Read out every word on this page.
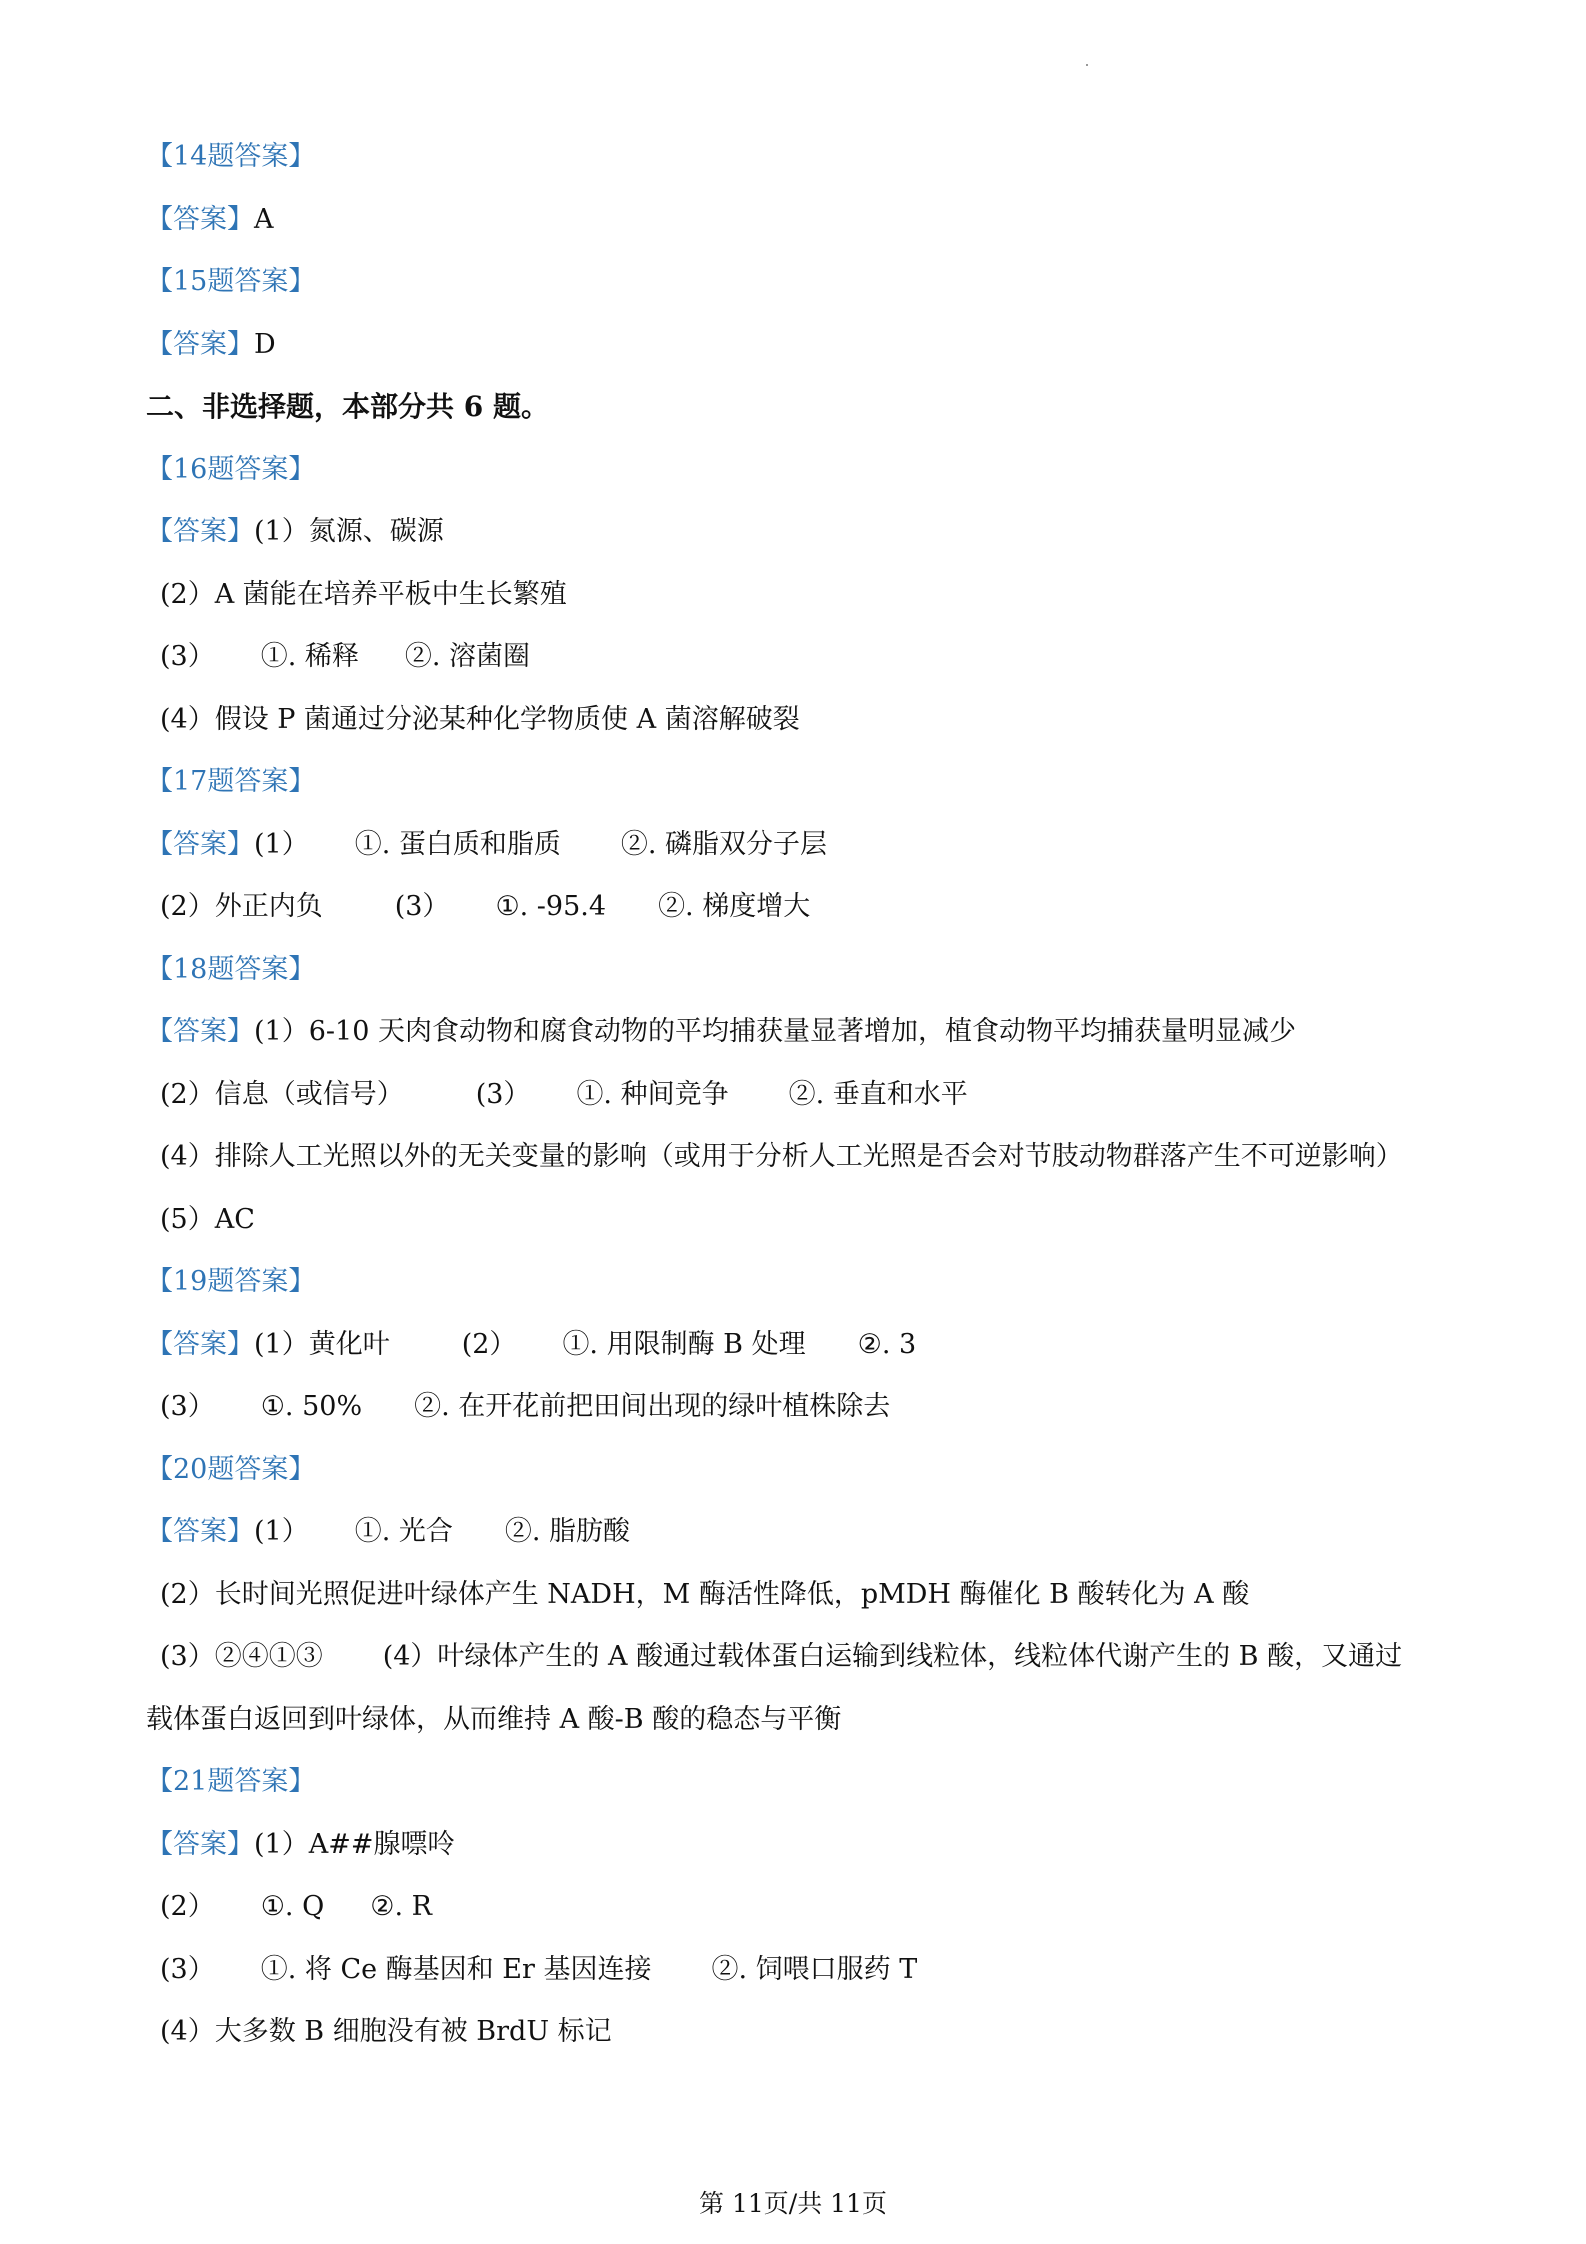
【14题答案】
【答案】A
【15题答案】
【答案】D
二、非选择题，本部分共 6 题。
【16题答案】
【答案】(1）氮源、碳源
(2）A 菌能在培养平板中生长繁殖
(3） ①. 稀释 ②. 溶菌圈
(4）假设 P 菌通过分泌某种化学物质使 A 菌溶解破裂
【17题答案】
【答案】(1） ①. 蛋白质和脂质 ②. 磷脂双分子层
(2）外正内负	(3） ①. -95.4 ②. 梯度增大
【18题答案】
【答案】(1）6-10 天肉食动物和腐食动物的平均捕获量显著增加，植食动物平均捕获量明显减少
(2）信息（或信号）	(3） ①. 种间竞争 ②. 垂直和水平
(4）排除人工光照以外的无关变量的影响（或用于分析人工光照是否会对节肢动物群落产生不可逆影响）
(5）AC
【19题答案】
【答案】(1）黄化叶	(2） ①. 用限制酶 B 处理 ②. 3
(3） ①. 50% ②. 在开花前把田间出现的绿叶植株除去
【20题答案】
【答案】(1） ①. 光合 ②. 脂肪酸
(2）长时间光照促进叶绿体产生 NADH，M 酶活性降低，pMDH 酶催化 B 酸转化为 A 酸
(3）②④①③ (4）叶绿体产生的 A 酸通过载体蛋白运输到线粒体，线粒体代谢产生的 B 酸，又通过
载体蛋白返回到叶绿体，从而维持 A 酸-B 酸的稳态与平衡
【21题答案】
【答案】(1）A##腺嘌呤
(2） ①. Q ②. R
(3） ①. 将 Ce 酶基因和 Er 基因连接 ②. 饲喂口服药 T
(4）大多数 B 细胞没有被 BrdU 标记
第 11页/共 11页
